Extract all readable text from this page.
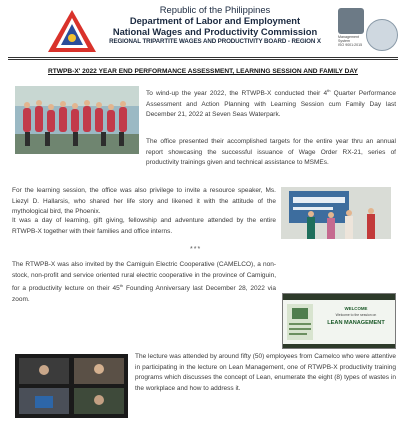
Management
System
ISO 9001:2015
Republic of the Philippines
Department of Labor and Employment
National Wages and Productivity Commission
REGIONAL TRIPARTITE WAGES AND PRODUCTIVITY BOARD - REGION X
RTWPB-X' 2022 YEAR END PERFORMANCE ASSESSMENT, LEARNING SESSION AND FAMILY DAY

To wind-up the year 2022, the RTWPB-X conducted their 4th Quarter Performance Assessment and Action Planning with Learning Session cum Family Day last December 21, 2022 at Seven Seas Waterpark.

The office presented their accomplished targets for the entire year thru an annual report showcasing the successful issuance of Wage Order RX-21, series of productivity trainings given and technical assistance to MSMEs.

For the learning session, the office was also privilege to invite a resource speaker, Ms. Liezyl D. Hallarsis, who shared her life story and likened it with the attitude of the mythological bird, the Phoenix.

It was a day of learning, gift giving, fellowship and adventure attended by the entire RTWPB-X together with their families and office interns.

***

The RTWPB-X was also invited by the Camiguin Electric Cooperative (CAMELCO), a non-stock, non-profit and service oriented rural electric cooperative in the province of Camiguin, for a productivity lecture on their 45th Founding Anniversary last December 28, 2022 via zoom.

WELCOME
Welcome to the session on
LEAN MANAGEMENT

The lecture was attended by around fifty (50) employees from Camelco who were attentive in participating in the lecture on Lean Management, one of RTWPB-X productivity training programs which discusses the concept of Lean, enumerate the eight (8) types of wastes in the workplace and how to address it.
